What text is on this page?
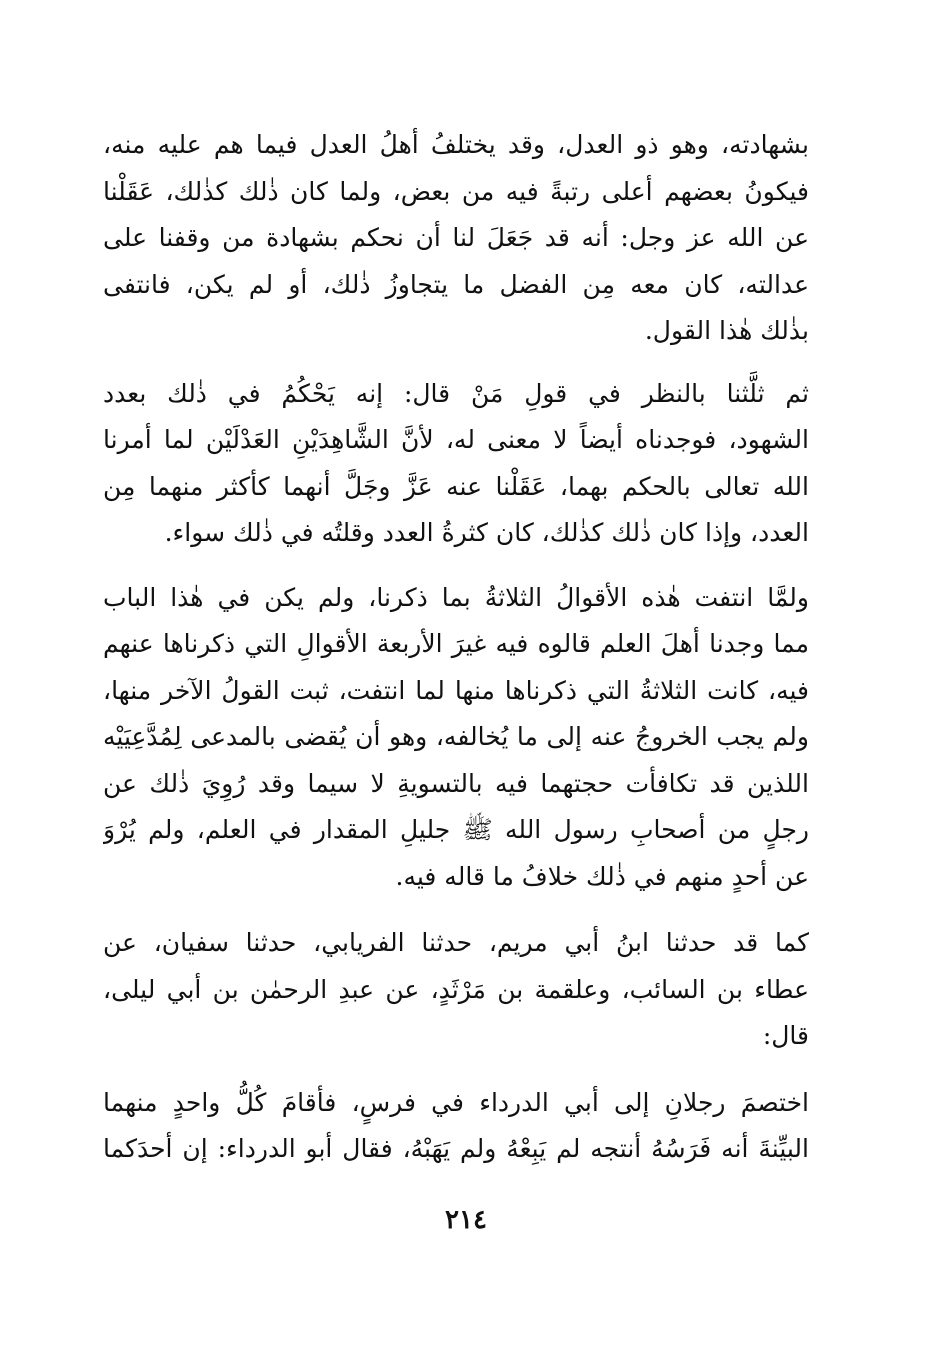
بشهادته، وهو ذو العدل، وقد يختلفُ أهلُ العدل فيما هم عليه منه،
فيكونُ بعضهم أعلى رتبةً فيه من بعض، ولما كان ذٰلك كذٰلك، عَقَلْنا
عن الله عز وجل: أنه قد جَعَلَ لنا أن نحكم بشهادة من وقفنا على
عدالته، كان معه مِن الفضل ما يتجاوزُ ذٰلك، أو لم يكن، فانتفى
بذٰلك هٰذا القول.
ثم ثلَّثنا بالنظر في قولِ مَنْ قال: إنه يَحْكُمُ في ذٰلك بعدد
الشهود، فوجدناه أيضاً لا معنى له، لأنَّ الشَّاهِدَيْنِ العَدْلَيْن لما أمرنا
الله تعالى بالحكم بهما، عَقَلْنا عنه عَزَّ وجَلَّ أنهما كأكثر منهما مِن
العدد، وإذا كان ذٰلك كذٰلك، كان كثرةُ العدد وقلتُه في ذٰلك سواء.
ولمَّا انتفت هٰذه الأقوالُ الثلاثةُ بما ذكرنا، ولم يكن في هٰذا الباب
مما وجدنا أهلَ العلم قالوه فيه غيرَ الأربعة الأقوالِ التي ذكرناها عنهم
فيه، كانت الثلاثةُ التي ذكرناها منها لما انتفت، ثبت القولُ الآخر منها،
ولم يجب الخروجُ عنه إلى ما يُخالفه، وهو أن يُقضى بالمدعى لِمُدَّعِيَيْه
اللذين قد تكافأت حجتهما فيه بالتسويةِ لا سيما وقد رُوِيَ ذٰلك عن
رجلٍ من أصحابِ رسول الله ﷺ جليلِ المقدار في العلم، ولم يُرْوَ
عن أحدٍ منهم في ذٰلك خلافُ ما قاله فيه.
كما قد حدثنا ابنُ أبي مريم، حدثنا الفريابي، حدثنا سفيان، عن
عطاء بن السائب، وعلقمة بن مَرْثَدٍ، عن عبدِ الرحمٰن بن أبي ليلى،
قال:
اختصمَ رجلانِ إلى أبي الدرداء في فرسٍ، فأقامَ كُلُّ واحدٍ منهما
البيِّنةَ أنه فَرَسُهُ أنتجه لم يَبِعْهُ ولم يَهَبْهُ، فقال أبو الدرداء: إن أحدَكما
٢١٤
